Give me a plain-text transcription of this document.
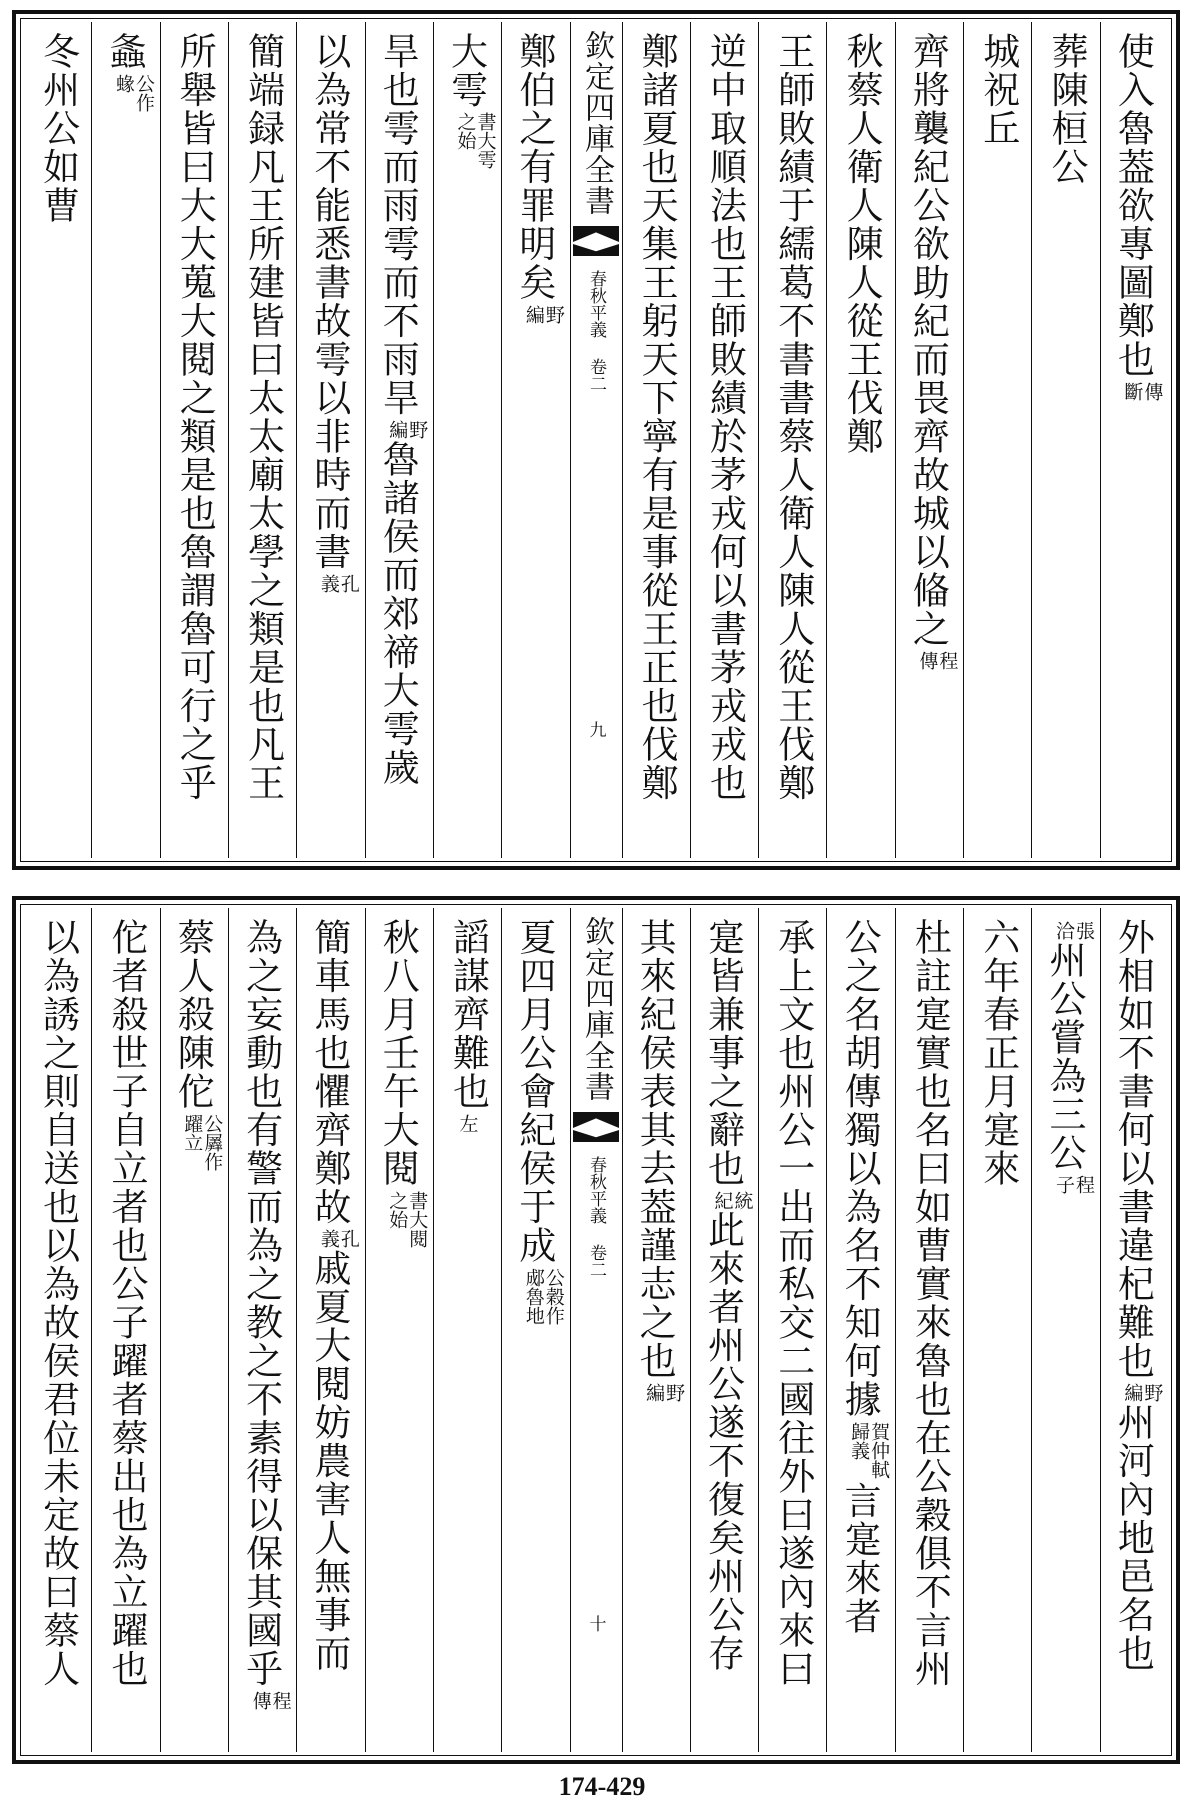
使入魯葢欲專圖鄭也傳斷
葬陳桓公
城祝丘
齊將襲紀公欲助紀而畏齊故城以偹之程傳
秋蔡人衛人陳人從王伐鄭
王師敗績于繻葛不書書蔡人衛人陳人從王伐鄭
逆中取順法也王師敗績於茅戎何以書茅戎戎也
鄭諸夏也天集王躬天下寧有是事從王正也伐鄭
欽定四庫全書
春秋平義 卷二
九
鄭伯之有罪明矣野編
大雩書大雩之始
旱也雩而雨雩而不雨旱野編魯諸侯而郊禘大雩歲
以為常不能悉書故雩以非時而書孔義
簡端録凡王所建皆曰太太廟太學之類是也凡王
所舉皆曰大大蒐大閱之類是也魯謂魯可行之乎
螽公作蝝
冬州公如曹
外相如不書何以書違杞難也野編州河內地邑名也
張洽州公嘗為三公程子
六年春正月寔來
杜註寔實也名曰如曹實來魯也在公穀俱不言州
公之名胡傳獨以為名不知何據賀仲軾歸義言寔來者
承上文也州公一出而私交二國往外曰遂內來曰
寔皆兼事之辭也統紀此來者州公遂不復矣州公存
其來紀侯表其去葢謹志之也野編
欽定四庫全書
春秋平義 卷二
十
夏四月公會紀侯于成公穀作郕魯地
謟謀齊難也左
秋八月壬午大閱書大閱之始
簡車馬也懼齊鄭故孔義戚夏大閱妨農害人無事而
為之妄動也有警而為之教之不素得以保其國乎程傳
蔡人殺陳佗公羼作躍立
佗者殺世子自立者也公子躍者蔡出也為立躍也
以為誘之則自送也以為故侯君位未定故曰蔡人
174-429
